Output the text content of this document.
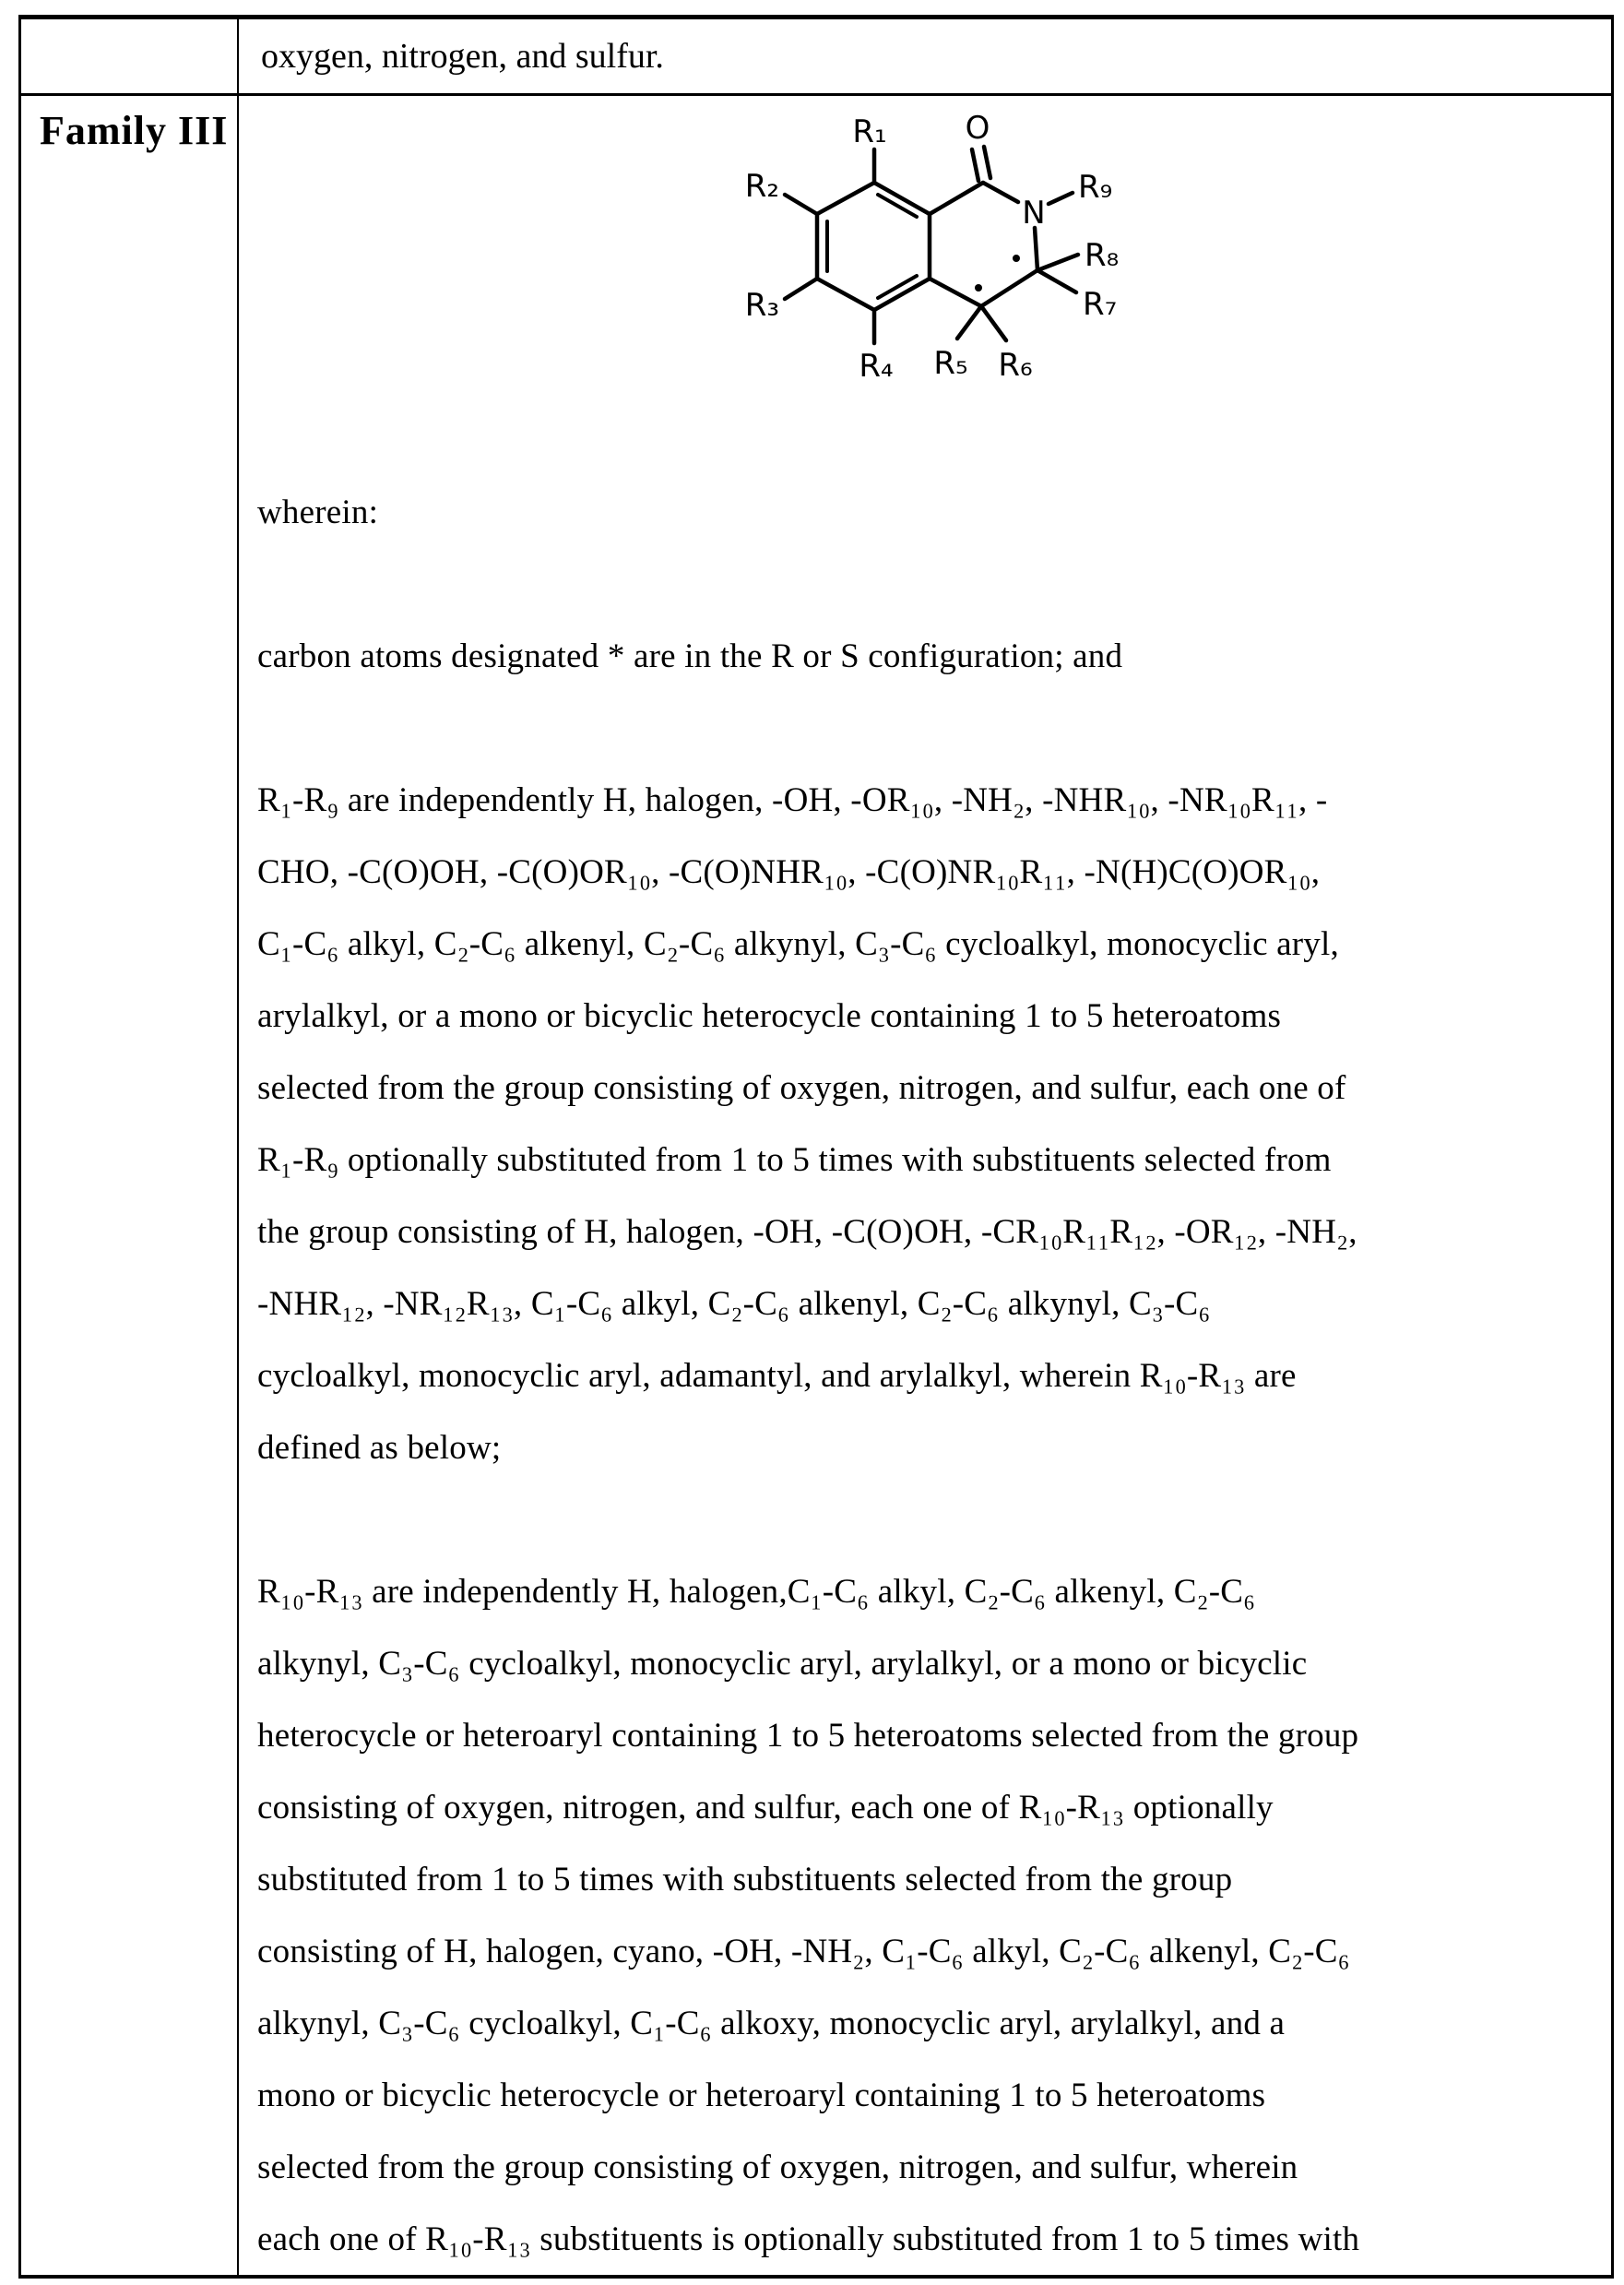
oxygen, nitrogen, and sulfur.
Family III	R₁
R₂
R₃
R₄ R₅ R₆
R₇
R₈
R₉
N
O
wherein:
carbon atoms designated * are in the R or S configuration; and
R₁-R₉ are independently H, halogen, -OH, -OR₁₀, -NH₂, -NHR₁₀, -NR₁₀R₁₁, -
CHO, -C(O)OH, -C(O)OR₁₀, -C(O)NHR₁₀, -C(O)NR₁₀R₁₁, -N(H)C(O)OR₁₀,
C₁-C₆ alkyl, C₂-C₆ alkenyl, C₂-C₆ alkynyl, C₃-C₆ cycloalkyl, monocyclic aryl,
arylalkyl, or a mono or bicyclic heterocycle containing 1 to 5 heteroatoms
selected from the group consisting of oxygen, nitrogen, and sulfur, each one of
R₁-R₉ optionally substituted from 1 to 5 times with substituents selected from
the group consisting of H, halogen, -OH, -C(O)OH, -CR₁₀R₁₁R₁₂, -OR₁₂, -NH₂,
-NHR₁₂, -NR₁₂R₁₃, C₁-C₆ alkyl, C₂-C₆ alkenyl, C₂-C₆ alkynyl, C₃-C₆
cycloalkyl, monocyclic aryl, adamantyl, and arylalkyl, wherein R₁₀-R₁₃ are
defined as below;
R₁₀-R₁₃ are independently H, halogen,C₁-C₆ alkyl, C₂-C₆ alkenyl, C₂-C₆
alkynyl, C₃-C₆ cycloalkyl, monocyclic aryl, arylalkyl, or a mono or bicyclic
heterocycle or heteroaryl containing 1 to 5 heteroatoms selected from the group
consisting of oxygen, nitrogen, and sulfur, each one of R₁₀-R₁₃ optionally
substituted from 1 to 5 times with substituents selected from the group
consisting of H, halogen, cyano, -OH, -NH₂, C₁-C₆ alkyl, C₂-C₆ alkenyl, C₂-C₆
alkynyl, C₃-C₆ cycloalkyl, C₁-C₆ alkoxy, monocyclic aryl, arylalkyl, and a
mono or bicyclic heterocycle or heteroaryl containing 1 to 5 heteroatoms
selected from the group consisting of oxygen, nitrogen, and sulfur, wherein
each one of R₁₀-R₁₃ substituents is optionally substituted from 1 to 5 times with
